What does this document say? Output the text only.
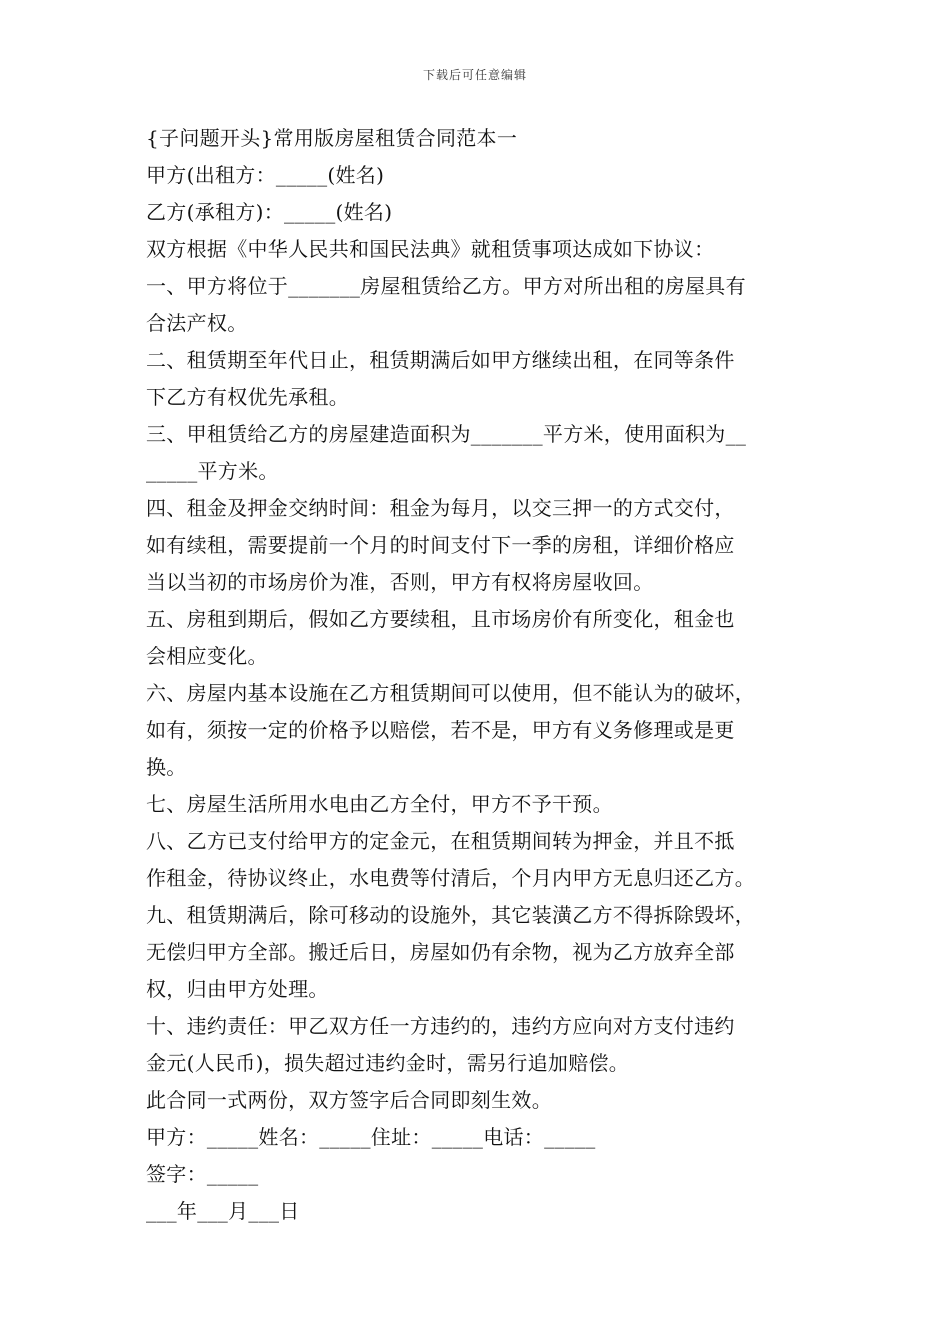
下载后可任意编辑
{子问题开头}常用版房屋租赁合同范本一
甲方(出租方：_____(姓名)
乙方(承租方)：_____(姓名)
双方根据《中华人民共和国民法典》就租赁事项达成如下协议：
一、甲方将位于_______房屋租赁给乙方。甲方对所出租的房屋具有
合法产权。
二、租赁期至年代日止，租赁期满后如甲方继续出租，在同等条件
下乙方有权优先承租。
三、甲租赁给乙方的房屋建造面积为_______平方米，使用面积为__
_____平方米。
四、租金及押金交纳时间：租金为每月，以交三押一的方式交付，
如有续租，需要提前一个月的时间支付下一季的房租，详细价格应
当以当初的市场房价为准，否则，甲方有权将房屋收回。
五、房租到期后，假如乙方要续租，且市场房价有所变化，租金也
会相应变化。
六、房屋内基本设施在乙方租赁期间可以使用，但不能认为的破坏，
如有，须按一定的价格予以赔偿，若不是，甲方有义务修理或是更
换。
七、房屋生活所用水电由乙方全付，甲方不予干预。
八、乙方已支付给甲方的定金元，在租赁期间转为押金，并且不抵
作租金，待协议终止，水电费等付清后，个月内甲方无息归还乙方。
九、租赁期满后，除可移动的设施外，其它装潢乙方不得拆除毁坏，
无偿归甲方全部。搬迁后日，房屋如仍有余物，视为乙方放弃全部
权，归由甲方处理。
十、违约责任：甲乙双方任一方违约的，违约方应向对方支付违约
金元(人民币)，损失超过违约金时，需另行追加赔偿。
此合同一式两份，双方签字后合同即刻生效。
甲方：_____姓名：_____住址：_____电话：_____
签字：_____
___年___月___日
